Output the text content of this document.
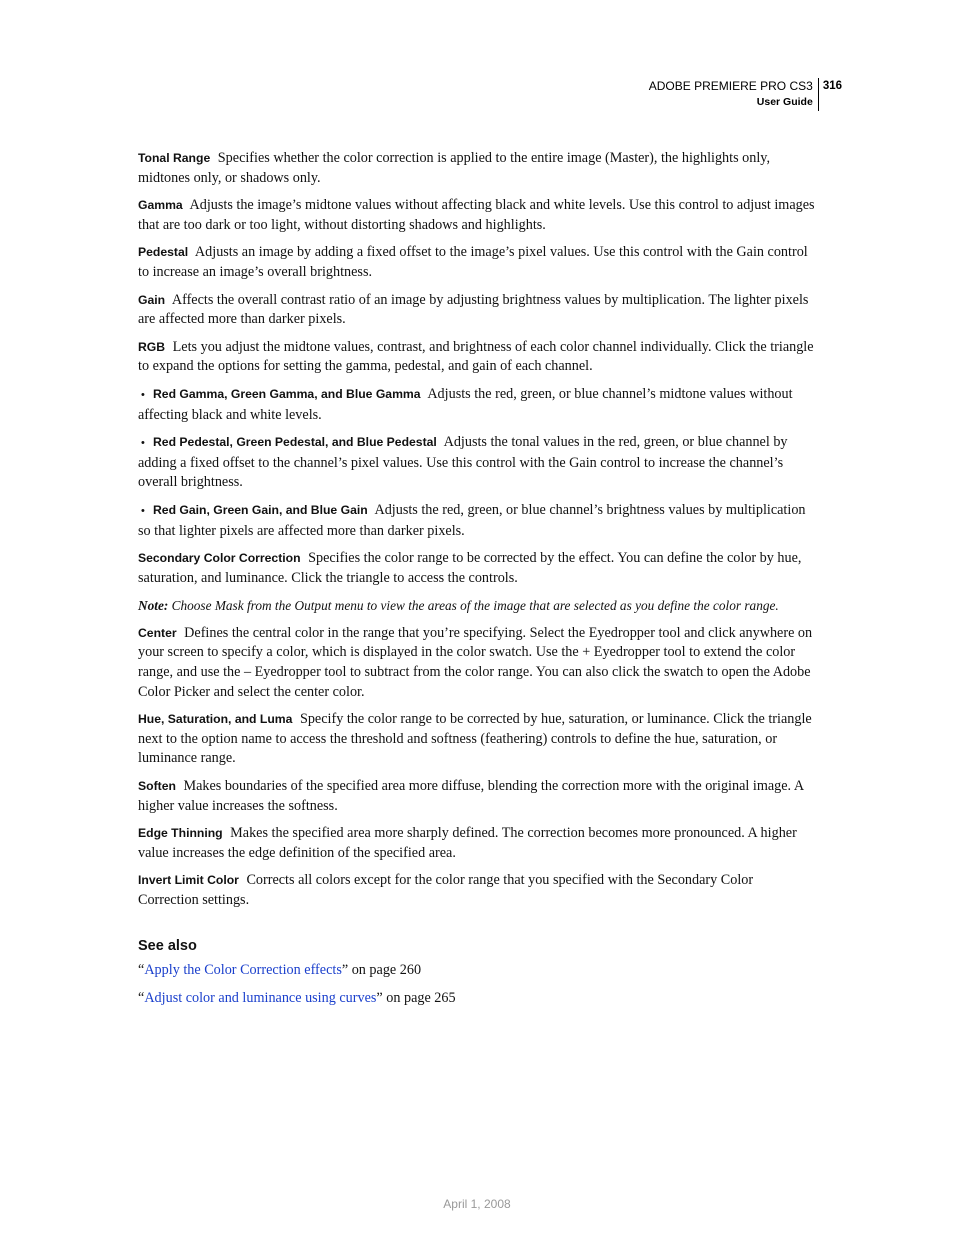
ADOBE PREMIERE PRO CS3
User Guide
316

Tonal Range Specifies whether the color correction is applied to the entire image (Master), the highlights only, midtones only, or shadows only.

Gamma Adjusts the image’s midtone values without affecting black and white levels. Use this control to adjust images that are too dark or too light, without distorting shadows and highlights.

Pedestal Adjusts an image by adding a fixed offset to the image’s pixel values. Use this control with the Gain control to increase an image’s overall brightness.

Gain Affects the overall contrast ratio of an image by adjusting brightness values by multiplication. The lighter pixels are affected more than darker pixels.

RGB Lets you adjust the midtone values, contrast, and brightness of each color channel individually. Click the triangle to expand the options for setting the gamma, pedestal, and gain of each channel.

• Red Gamma, Green Gamma, and Blue Gamma Adjusts the red, green, or blue channel’s midtone values without affecting black and white levels.

• Red Pedestal, Green Pedestal, and Blue Pedestal Adjusts the tonal values in the red, green, or blue channel by adding a fixed offset to the channel’s pixel values. Use this control with the Gain control to increase the channel’s overall brightness.

• Red Gain, Green Gain, and Blue Gain Adjusts the red, green, or blue channel’s brightness values by multiplication so that lighter pixels are affected more than darker pixels.

Secondary Color Correction Specifies the color range to be corrected by the effect. You can define the color by hue, saturation, and luminance. Click the triangle to access the controls.

Note: Choose Mask from the Output menu to view the areas of the image that are selected as you define the color range.

Center Defines the central color in the range that you’re specifying. Select the Eyedropper tool and click anywhere on your screen to specify a color, which is displayed in the color swatch. Use the + Eyedropper tool to extend the color range, and use the – Eyedropper tool to subtract from the color range. You can also click the swatch to open the Adobe Color Picker and select the center color.

Hue, Saturation, and Luma Specify the color range to be corrected by hue, saturation, or luminance. Click the triangle next to the option name to access the threshold and softness (feathering) controls to define the hue, saturation, or luminance range.

Soften Makes boundaries of the specified area more diffuse, blending the correction more with the original image. A higher value increases the softness.

Edge Thinning Makes the specified area more sharply defined. The correction becomes more pronounced. A higher value increases the edge definition of the specified area.

Invert Limit Color Corrects all colors except for the color range that you specified with the Secondary Color Correction settings.

See also

“Apply the Color Correction effects” on page 260

“Adjust color and luminance using curves” on page 265

April 1, 2008
